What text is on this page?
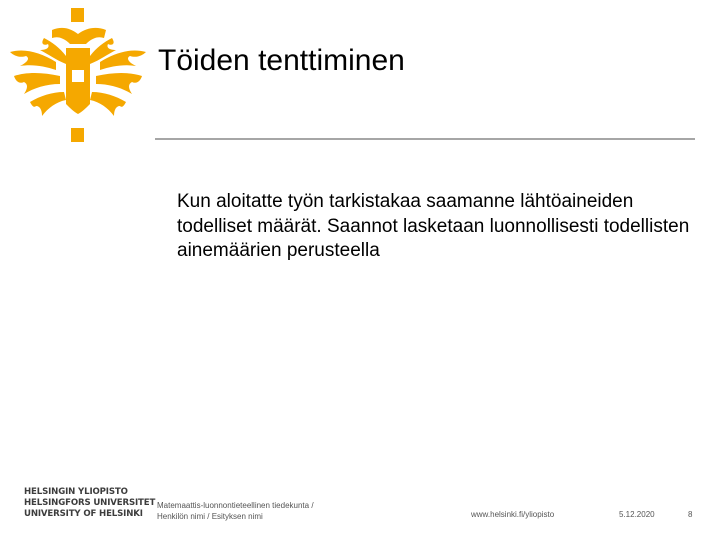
Töiden tenttiminen
Kun aloitatte työn tarkistakaa saamanne lähtöaineiden todelliset määrät. Saannot lasketaan luonnollisesti todellisten ainemäärien perusteella
HELSINGIN YLIOPISTO
HELSINGFORS UNIVERSITET
UNIVERSITY OF HELSINKI
Matemaattis-luonnontieteellinen tiedekunta /
Henkilön nimi / Esityksen nimi	www.helsinki.fi/yliopisto	5.12.2020	8
